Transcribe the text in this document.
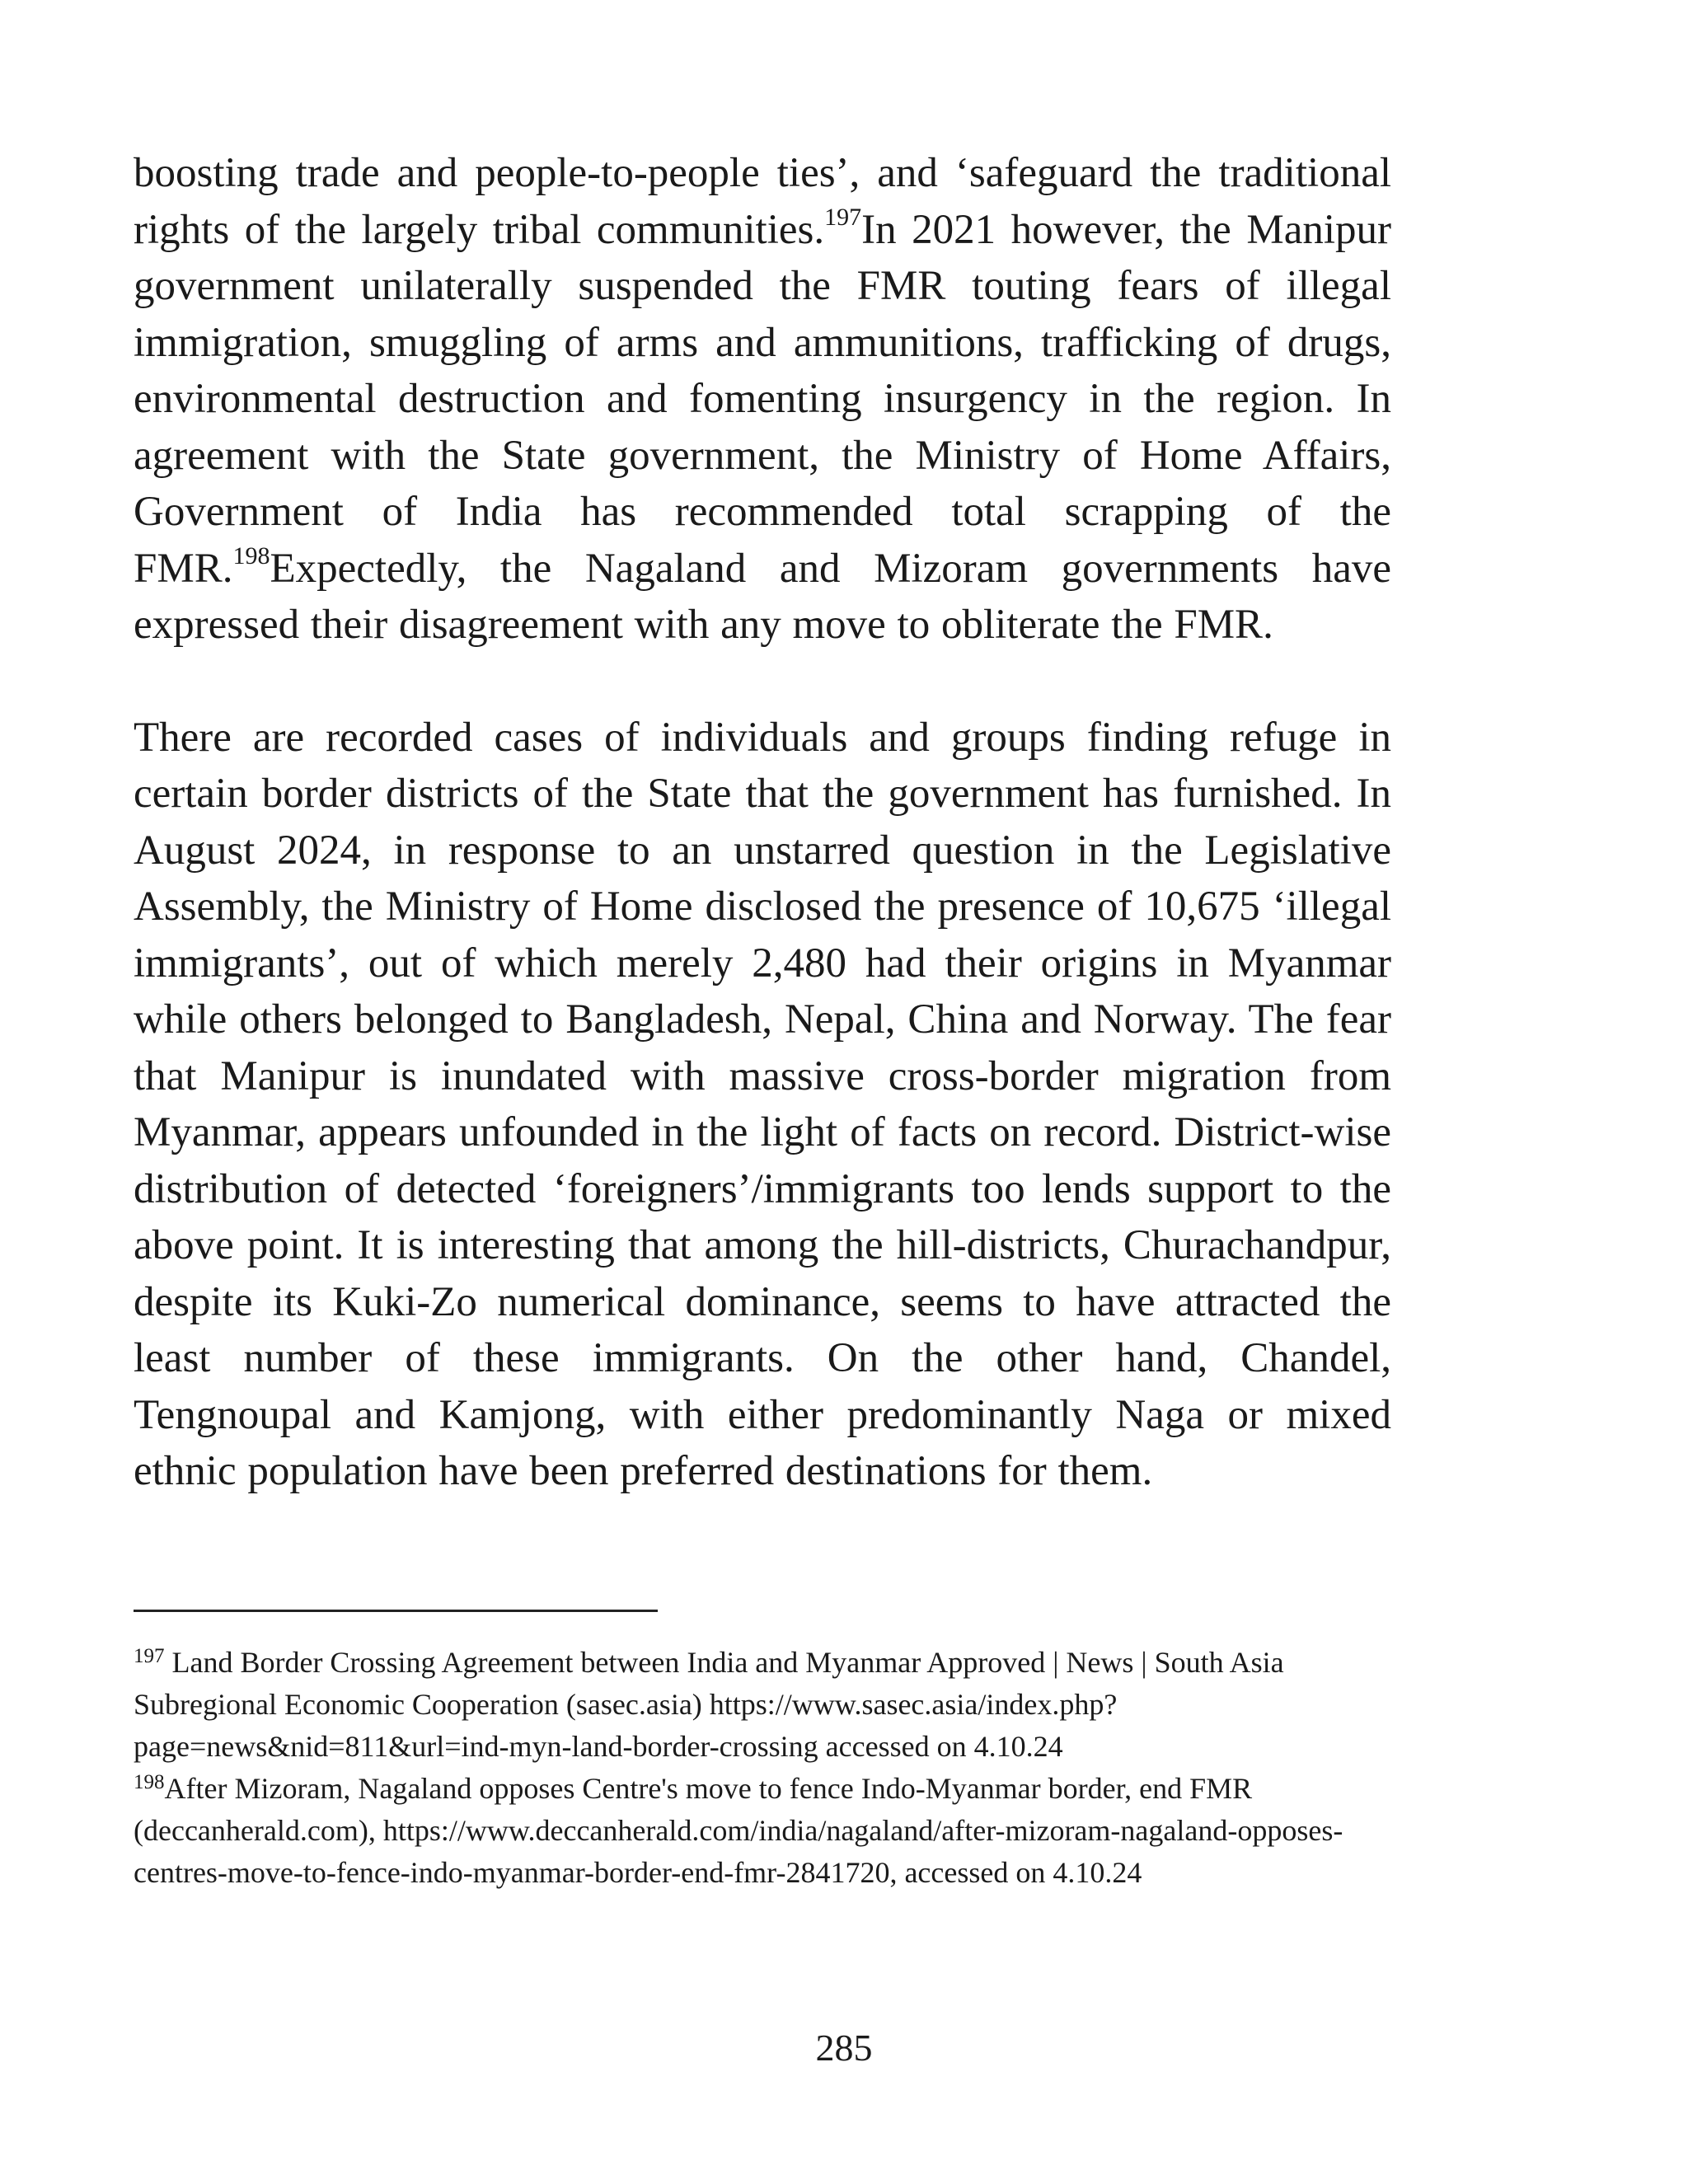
boosting trade and people-to-people ties’, and ‘safeguard the traditional rights of the largely tribal communities.$^{197}$In 2021 however, the Manipur government unilaterally suspended the FMR touting fears of illegal immigration, smuggling of arms and ammunitions, trafficking of drugs, environmental destruction and fomenting insurgency in the region. In agreement with the State government, the Ministry of Home Affairs, Government of India has recommended total scrapping of the FMR.$^{198}$Expectedly, the Nagaland and Mizoram governments have expressed their disagreement with any move to obliterate the FMR.

There are recorded cases of individuals and groups finding refuge in certain border districts of the State that the government has furnished. In August 2024, in response to an unstarred question in the Legislative Assembly, the Ministry of Home disclosed the presence of 10,675 ‘illegal immigrants’, out of which merely 2,480 had their origins in Myanmar while others belonged to Bangladesh, Nepal, China and Norway. The fear that Manipur is inundated with massive cross-border migration from Myanmar, appears unfounded in the light of facts on record. District-wise distribution of detected ‘foreigners’/immigrants too lends support to the above point. It is interesting that among the hill-districts, Churachandpur, despite its Kuki-Zo numerical dominance, seems to have attracted the least number of these immigrants. On the other hand, Chandel, Tengnoupal and Kamjong, with either predominantly Naga or mixed ethnic population have been preferred destinations for them.

$^{197}$ Land Border Crossing Agreement between India and Myanmar Approved | News | South Asia Subregional Economic Cooperation (sasec.asia) https://www.sasec.asia/index.php?page=news&nid=811&url=ind-myn-land-border-crossing accessed on 4.10.24

$^{198}$After Mizoram, Nagaland opposes Centre's move to fence Indo-Myanmar border, end FMR (deccanherald.com), https://www.deccanherald.com/india/nagaland/after-mizoram-nagaland-opposes-centres-move-to-fence-indo-myanmar-border-end-fmr-2841720, accessed on 4.10.24

285
